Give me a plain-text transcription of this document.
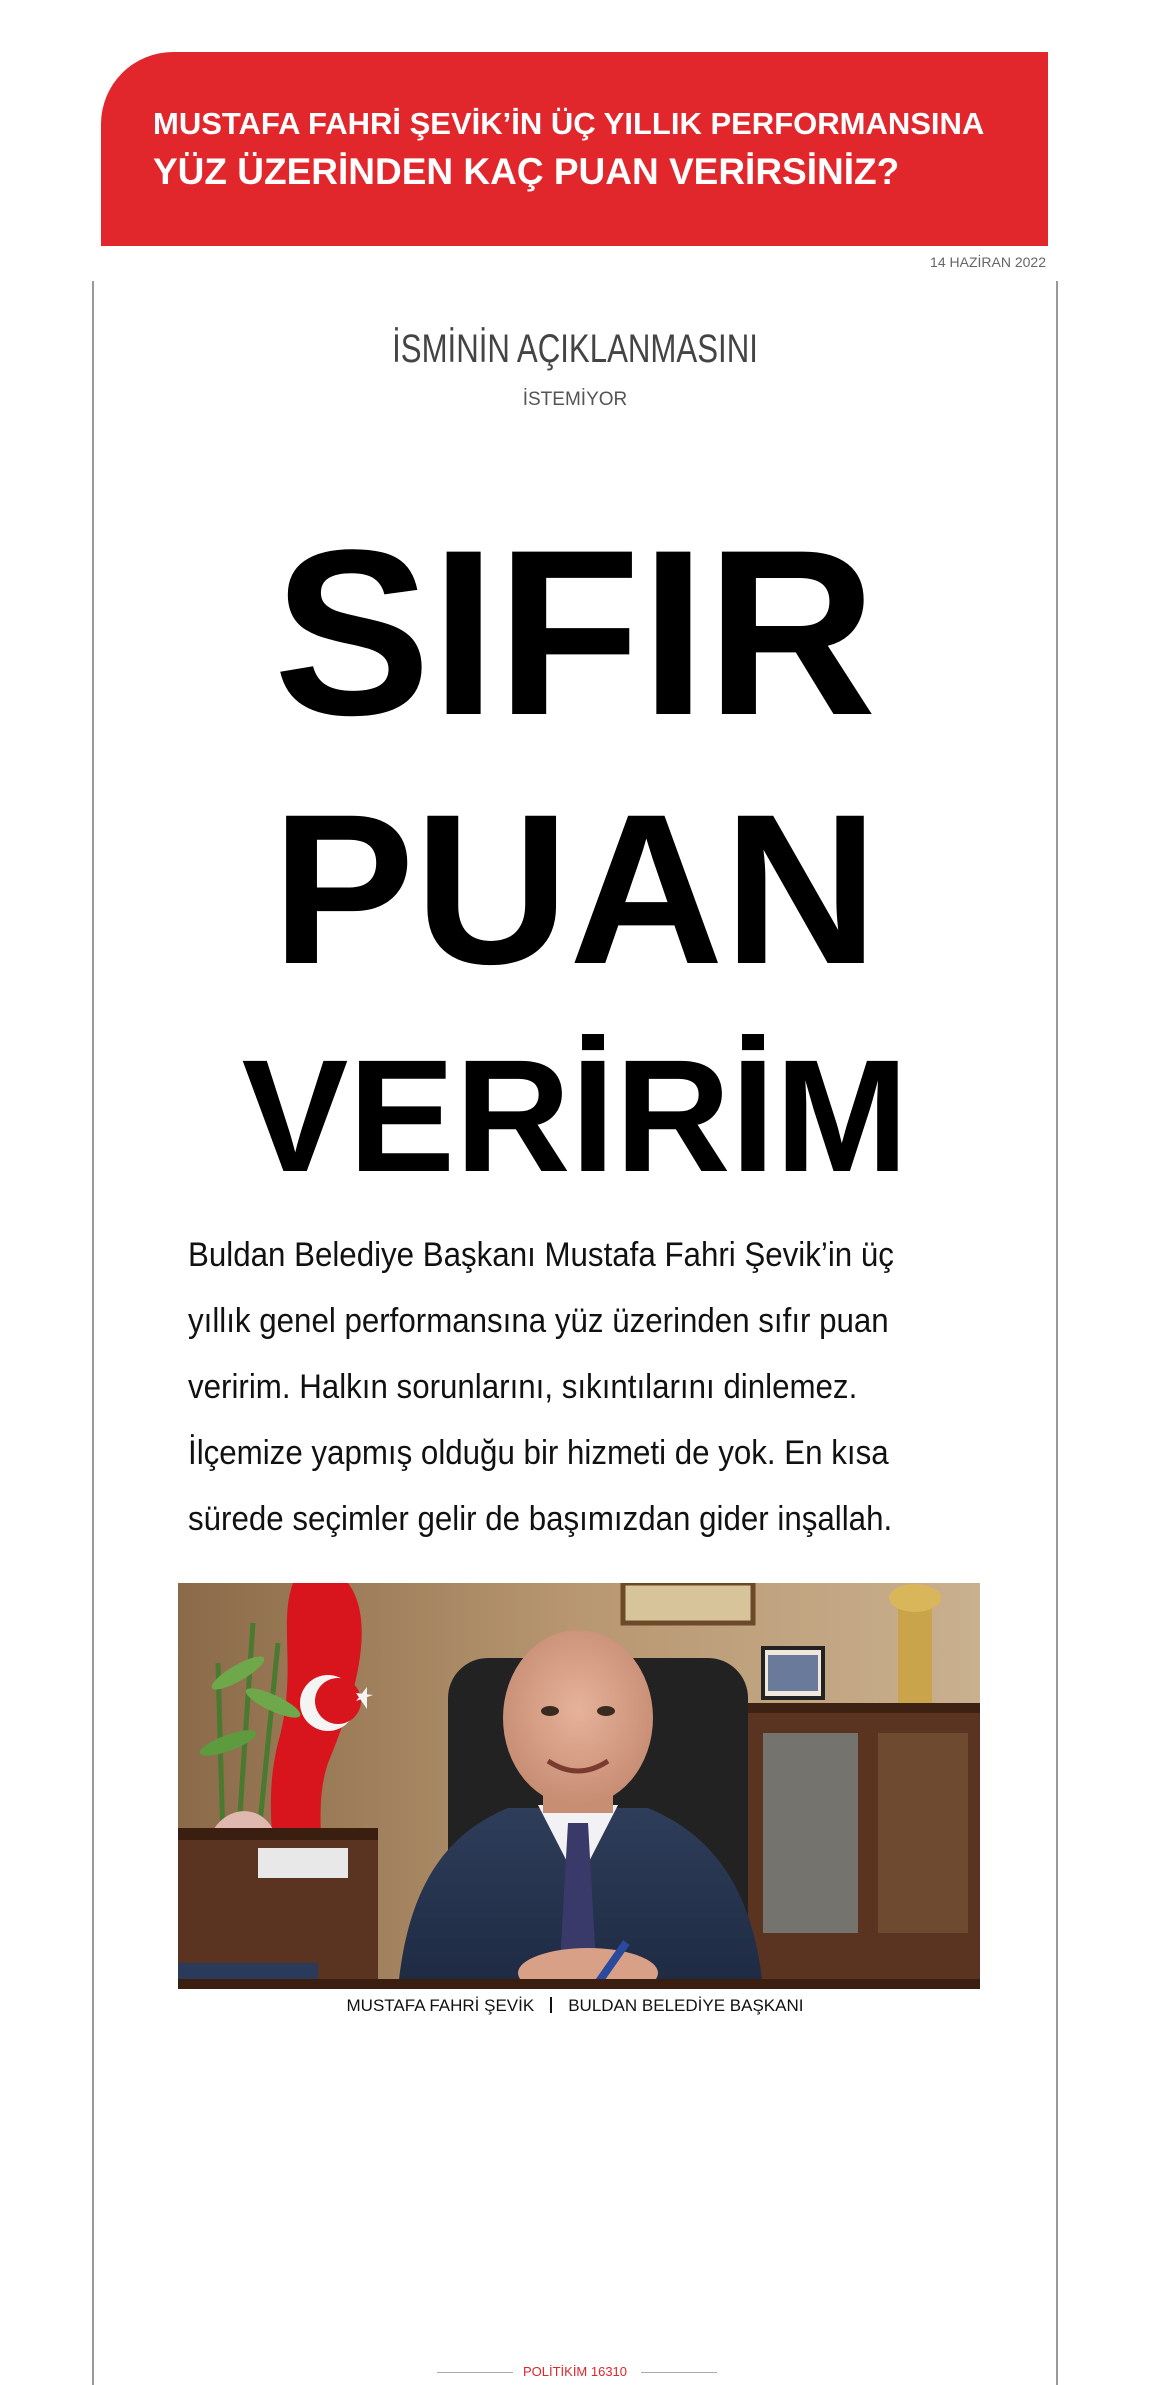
MUSTAFA FAHRİ ŞEVİK’İN ÜÇ YILLIK PERFORMANSINA
YÜZ ÜZERİNDEN KAÇ PUAN VERİRSİNİZ?
14 HAZİRAN 2022
İSMİNİN AÇIKLANMASINI
İSTEMİYOR
SIFIR
PUAN
VERİRİM

Buldan Belediye Başkanı Mustafa Fahri Şevik’in üç

yıllık genel performansına yüz üzerinden sıfır puan

veririm. Halkın sorunlarını, sıkıntılarını dinlemez.

İlçemize yapmış olduğu bir hizmeti de yok. En kısa

sürede seçimler gelir de başımızdan gider inşallah.

MUSTAFA FAHRİ ŞEVİK BULDAN BELEDİYE BAŞKANI
POLİTİKİM 16310
